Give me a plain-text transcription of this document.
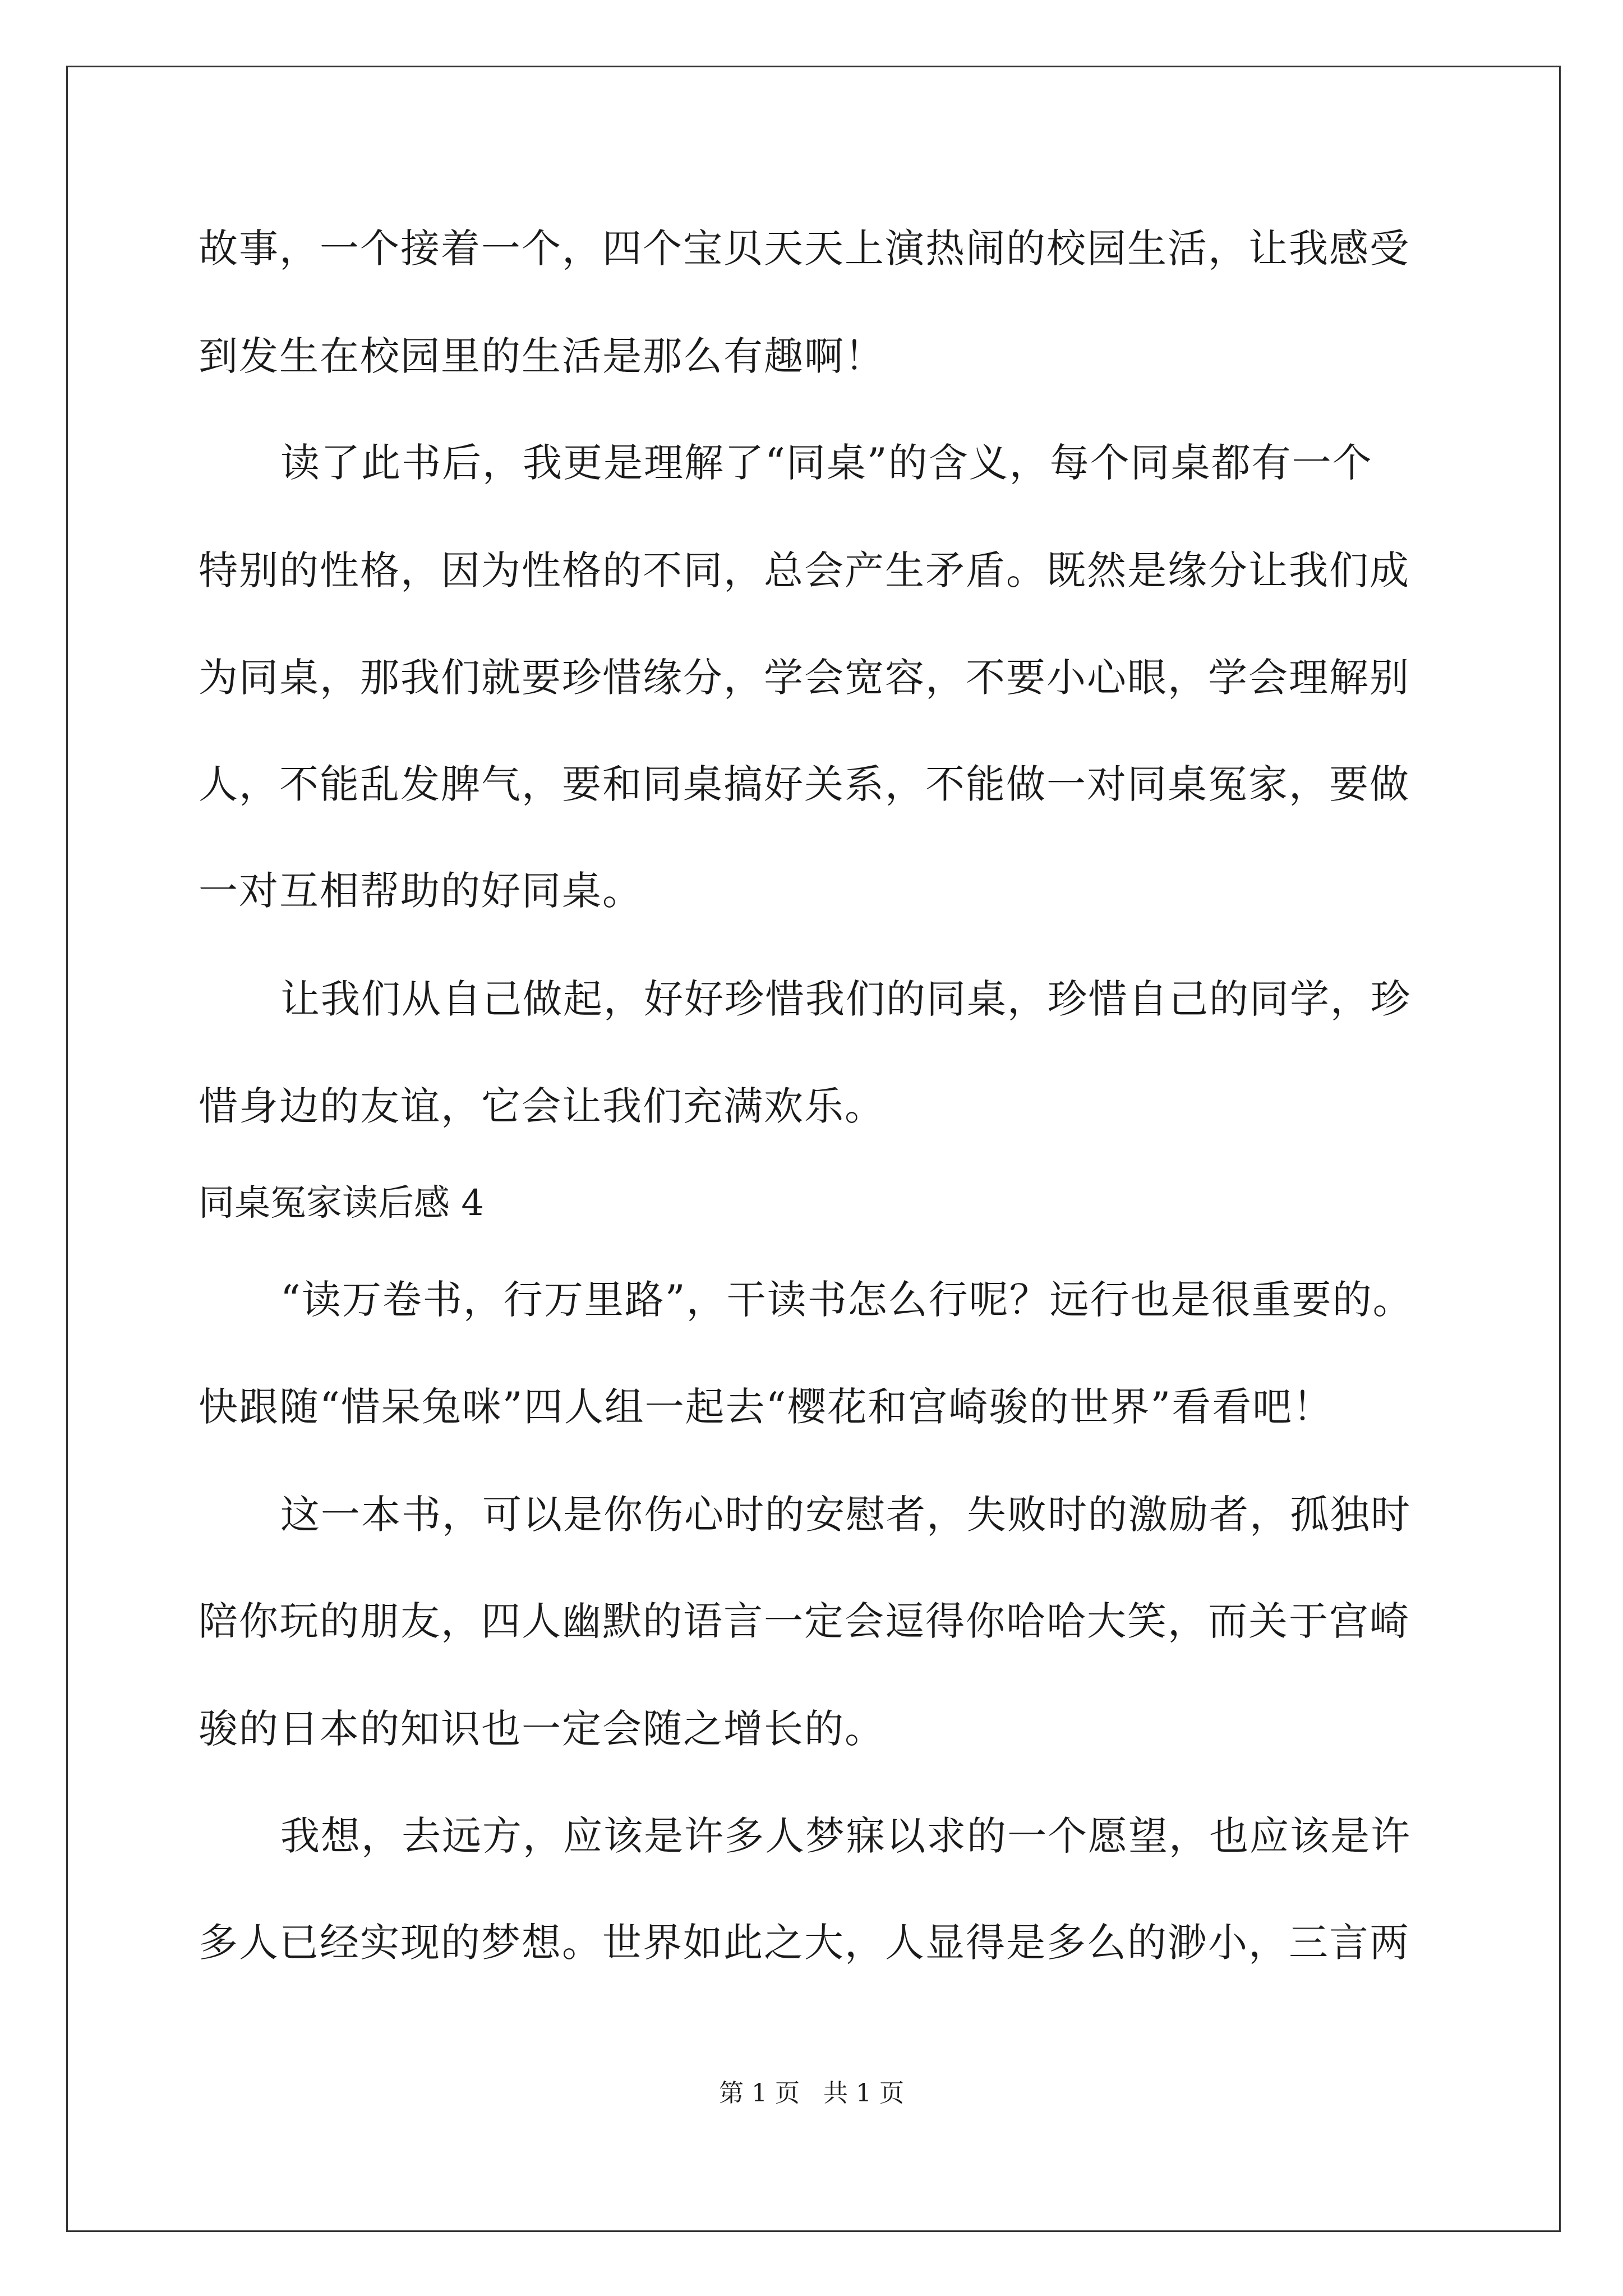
故事，一个接着一个，四个宝贝天天上演热闹的校园生活，让我感受
到发生在校园里的生活是那么有趣啊！
读了此书后，我更是理解了“同桌”的含义，每个同桌都有一个
特别的性格，因为性格的不同，总会产生矛盾。既然是缘分让我们成
为同桌，那我们就要珍惜缘分，学会宽容，不要小心眼，学会理解别
人，不能乱发脾气，要和同桌搞好关系，不能做一对同桌冤家，要做
一对互相帮助的好同桌。
让我们从自己做起，好好珍惜我们的同桌，珍惜自己的同学，珍
惜身边的友谊，它会让我们充满欢乐。
同桌冤家读后感 4
“读万卷书，行万里路”，干读书怎么行呢？远行也是很重要的。
快跟随“惜呆兔咪”四人组一起去“樱花和宫崎骏的世界”看看吧！
这一本书，可以是你伤心时的安慰者，失败时的激励者，孤独时
陪你玩的朋友，四人幽默的语言一定会逗得你哈哈大笑，而关于宫崎
骏的日本的知识也一定会随之增长的。
我想，去远方，应该是许多人梦寐以求的一个愿望，也应该是许
多人已经实现的梦想。世界如此之大，人显得是多么的渺小，三言两
第 1 页   共 1 页
